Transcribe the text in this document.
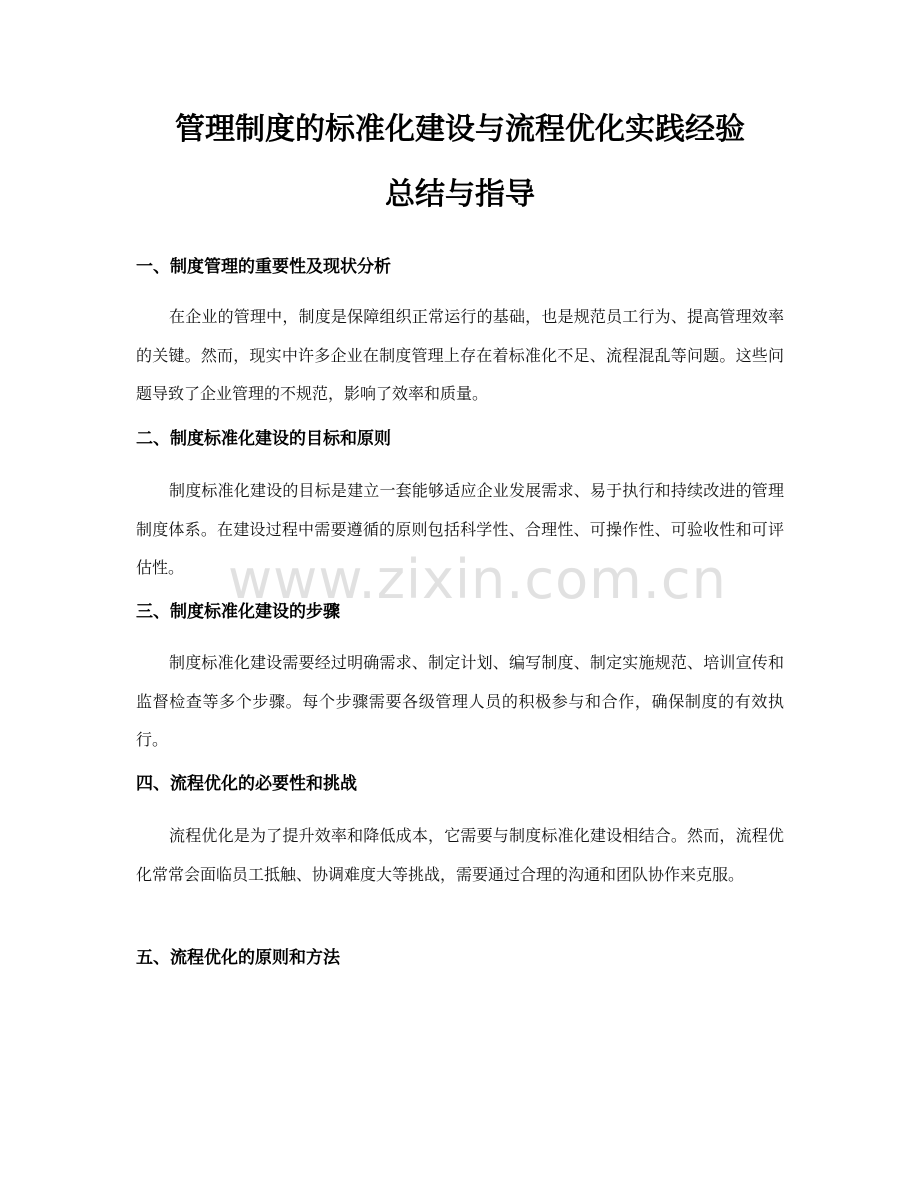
管理制度的标准化建设与流程优化实践经验
总结与指导
一、制度管理的重要性及现状分析

在企业的管理中，制度是保障组织正常运行的基础，也是规范员工行为、提高管理效率的关键。然而，现实中许多企业在制度管理上存在着标准化不足、流程混乱等问题。这些问题导致了企业管理的不规范，影响了效率和质量。

二、制度标准化建设的目标和原则

制度标准化建设的目标是建立一套能够适应企业发展需求、易于执行和持续改进的管理制度体系。在建设过程中需要遵循的原则包括科学性、合理性、可操作性、可验收性和可评估性。

三、制度标准化建设的步骤

制度标准化建设需要经过明确需求、制定计划、编写制度、制定实施规范、培训宣传和监督检查等多个步骤。每个步骤需要各级管理人员的积极参与和合作，确保制度的有效执行。

四、流程优化的必要性和挑战

流程优化是为了提升效率和降低成本，它需要与制度标准化建设相结合。然而，流程优化常常会面临员工抵触、协调难度大等挑战，需要通过合理的沟通和团队协作来克服。

五、流程优化的原则和方法
www.zixin.com.cn
